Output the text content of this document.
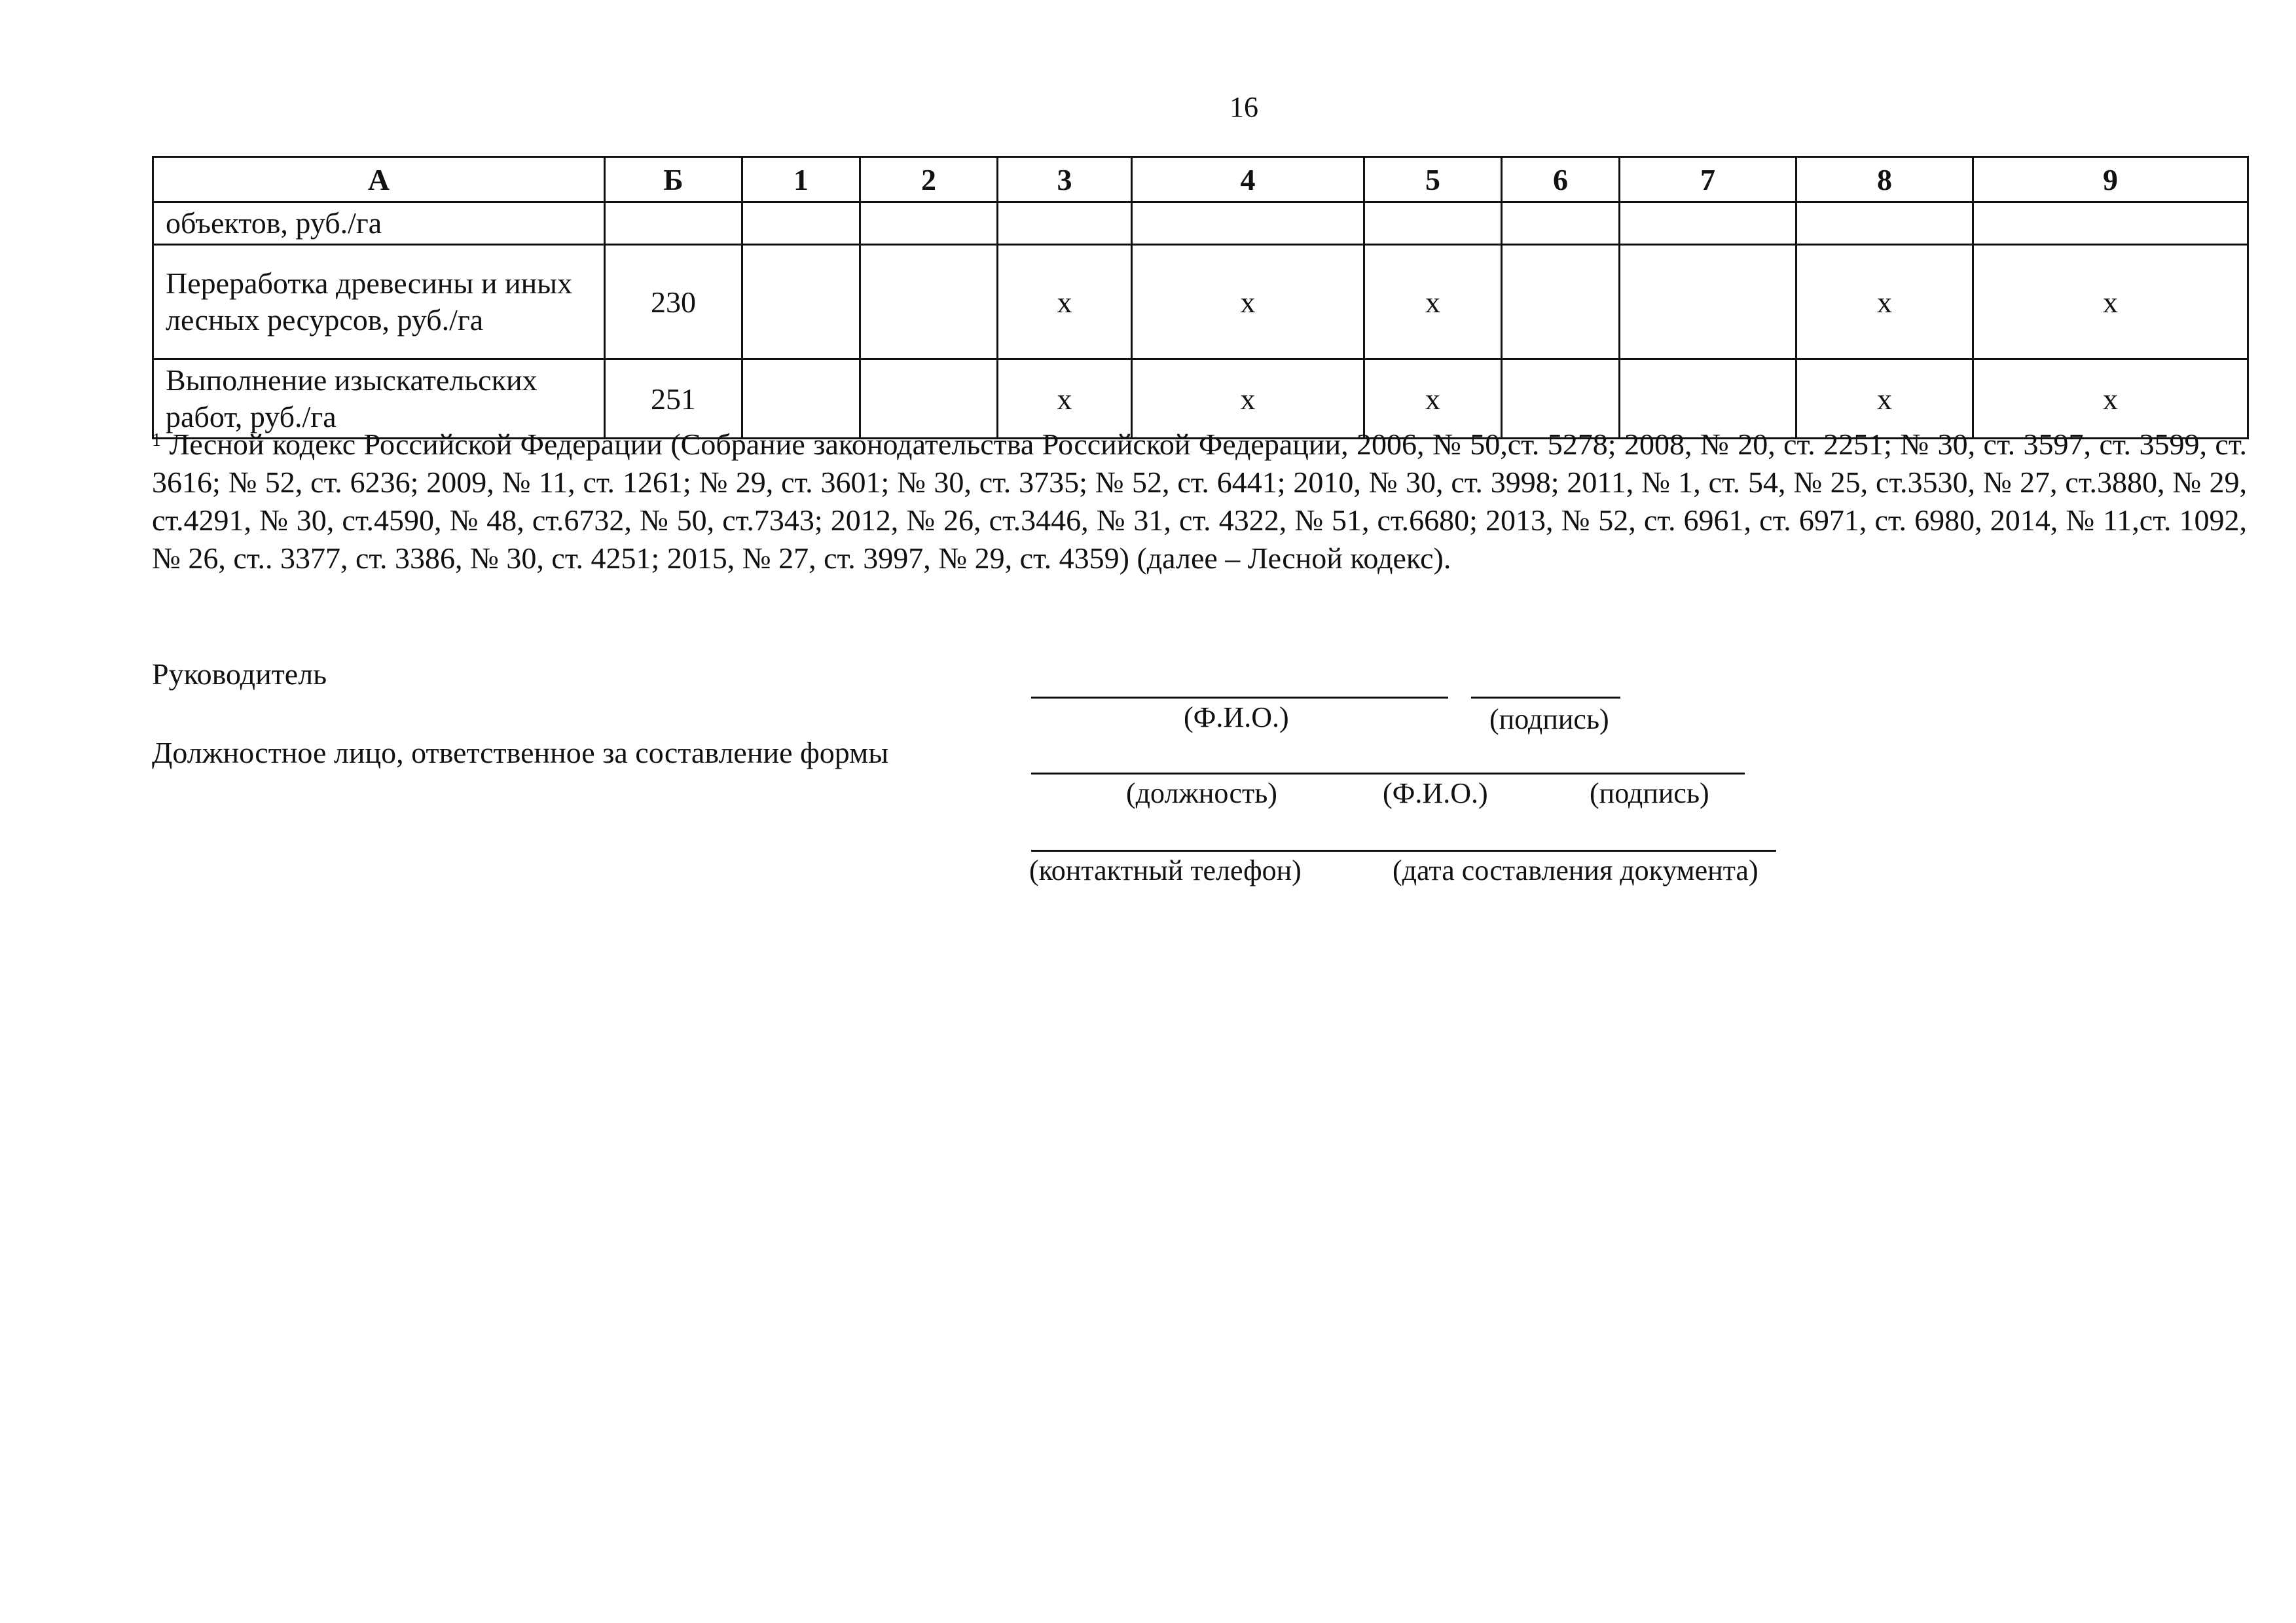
16
А	Б	1	2	3	4	5	6	7	8	9
объектов, руб./га										
Переработка древесины и иных лесных ресурсов, руб./га	230			х	х	х			х	х
Выполнение изыскательских работ, руб./га	251			х	х	х			х	х
$^1$ Лесной кодекс Российской Федерации (Собрание законодательства Российской Федерации, 2006, № 50,ст. 5278; 2008, № 20, ст. 2251; № 30, ст. 3597, ст. 3599, ст. 3616; № 52, ст. 6236; 2009, № 11, ст. 1261; № 29, ст. 3601; № 30, ст. 3735; № 52, ст. 6441; 2010, № 30, ст. 3998; 2011, № 1, ст. 54, № 25, ст.3530, № 27, ст.3880, № 29, ст.4291, № 30, ст.4590, № 48, ст.6732, № 50, ст.7343; 2012, № 26, ст.3446, № 31, ст. 4322, № 51, ст.6680; 2013, № 52, ст. 6961, ст. 6971, ст. 6980, 2014, № 11,ст. 1092, № 26, ст.. 3377, ст. 3386, № 30, ст. 4251; 2015, № 27, ст. 3997, № 29, ст. 4359) (далее – Лесной кодекс).
Руководитель
(Ф.И.О.)	(подпись)
Должностное лицо, ответственное за составление формы
(должность)	(Ф.И.О.)	(подпись)
(контактный телефон)	(дата составления документа)
